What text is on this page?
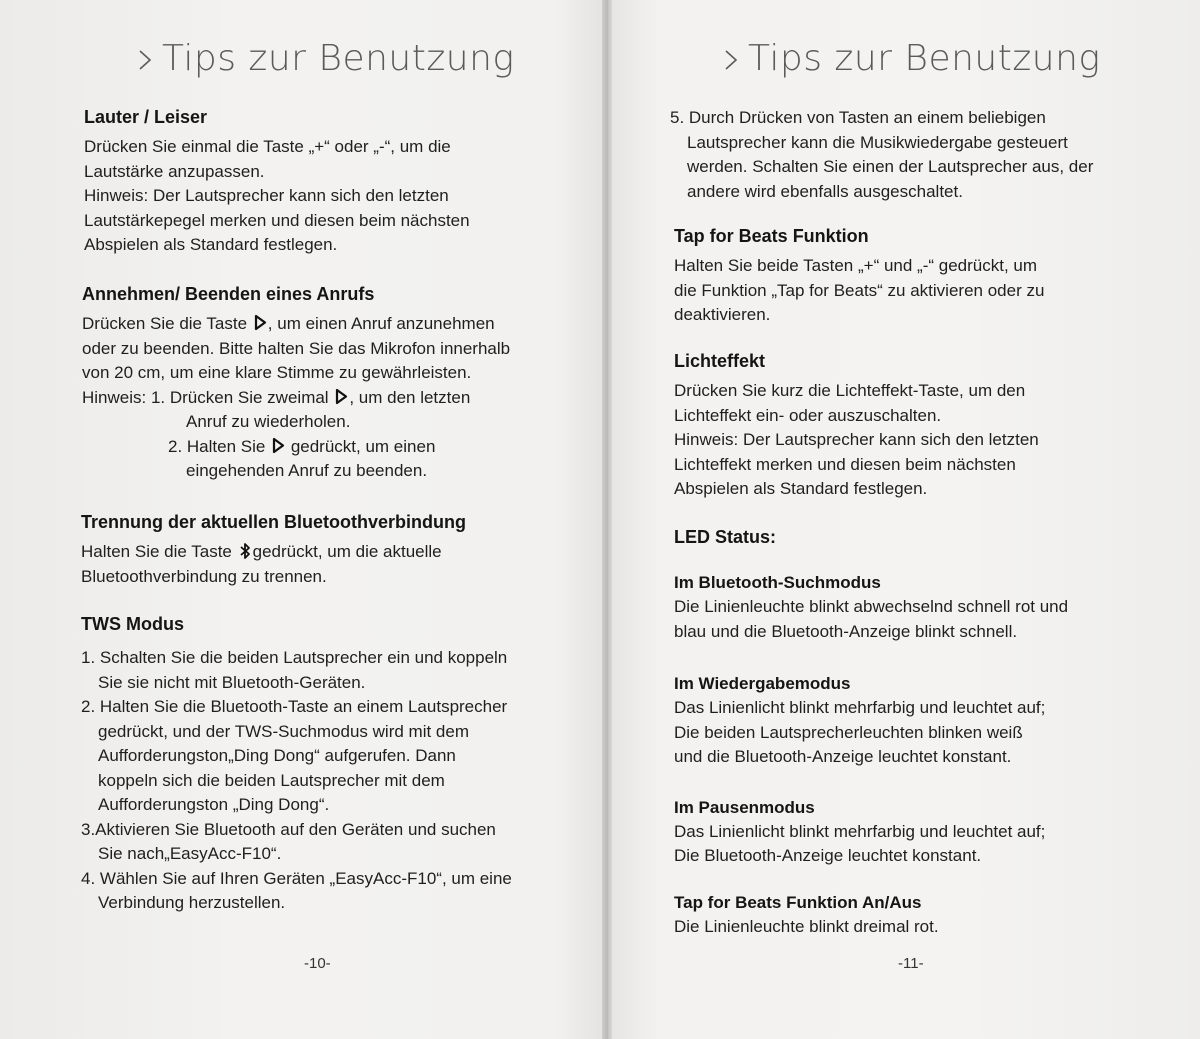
Tips zur Benutzung

Lauter / Leiser

Drücken Sie einmal die Taste „+“ oder „-“, um die

Lautstärke anzupassen.

Hinweis: Der Lautsprecher kann sich den letzten

Lautstärkepegel merken und diesen beim nächsten

Abspielen als Standard festlegen.

Annehmen/ Beenden eines Anrufs

Drücken Sie die Taste , um einen Anruf anzunehmen

oder zu beenden. Bitte halten Sie das Mikrofon innerhalb

von 20 cm, um eine klare Stimme zu gewährleisten.

Hinweis: 1. Drücken Sie zweimal , um den letzten

Anruf zu wiederholen.

2. Halten Sie gedrückt, um einen

eingehenden Anruf zu beenden.

Trennung der aktuellen Bluetoothverbindung

Halten Sie die Taste gedrückt, um die aktuelle

Bluetoothverbindung zu trennen.

TWS Modus

1. Schalten Sie die beiden Lautsprecher ein und koppeln

Sie sie nicht mit Bluetooth-Geräten.

2. Halten Sie die Bluetooth-Taste an einem Lautsprecher

gedrückt, und der TWS-Suchmodus wird mit dem

Aufforderungston„Ding Dong“ aufgerufen. Dann

koppeln sich die beiden Lautsprecher mit dem

Aufforderungston „Ding Dong“.

3.Aktivieren Sie Bluetooth auf den Geräten und suchen

Sie nach„EasyAcc-F10“.

4. Wählen Sie auf Ihren Geräten „EasyAcc-F10“, um eine

Verbindung herzustellen.

-10-

Tips zur Benutzung

5. Durch Drücken von Tasten an einem beliebigen

Lautsprecher kann die Musikwiedergabe gesteuert

werden. Schalten Sie einen der Lautsprecher aus, der

andere wird ebenfalls ausgeschaltet.

Tap for Beats Funktion

Halten Sie beide Tasten „+“ und „-“ gedrückt, um

die Funktion „Tap for Beats“ zu aktivieren oder zu

deaktivieren.

Lichteffekt

Drücken Sie kurz die Lichteffekt-Taste, um den

Lichteffekt ein- oder auszuschalten.

Hinweis: Der Lautsprecher kann sich den letzten

Lichteffekt merken und diesen beim nächsten

Abspielen als Standard festlegen.

LED Status:

Im Bluetooth-Suchmodus

Die Linienleuchte blinkt abwechselnd schnell rot und

blau und die Bluetooth-Anzeige blinkt schnell.

Im Wiedergabemodus

Das Linienlicht blinkt mehrfarbig und leuchtet auf;

Die beiden Lautsprecherleuchten blinken weiß

und die Bluetooth-Anzeige leuchtet konstant.

Im Pausenmodus

Das Linienlicht blinkt mehrfarbig und leuchtet auf;

Die Bluetooth-Anzeige leuchtet konstant.

Tap for Beats Funktion An/Aus

Die Linienleuchte blinkt dreimal rot.

-11-
